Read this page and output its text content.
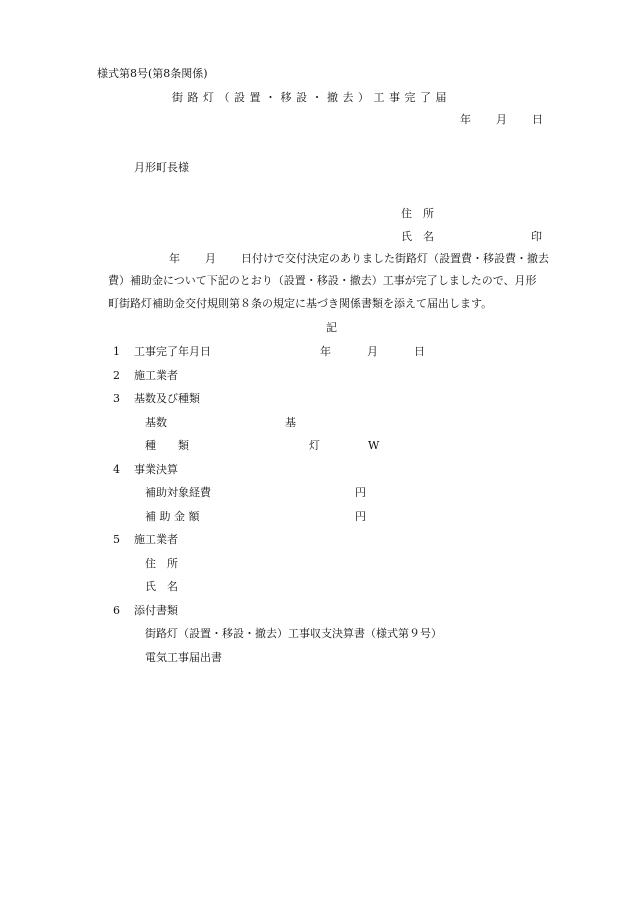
様式第8号(第8条関係)
街 路 灯 （ 設 置 ・ 移 設 ・ 撤 去 ） 工 事 完 了 届
年 月 日
月形町長様
住　所
氏　名	印
年 月 日付けで交付決定のありました街路灯（設置費・移設費・撤去
費）補助金について下記のとおり（設置・移設・撤去）工事が完了しましたので、月形
町街路灯補助金交付規則第８条の規定に基づき関係書類を添えて届出します。
記
1 工事完了年月日	年	月	日
2 施工業者
3 基数及び種類
基数	基
種　　類	灯	W
4 事業決算
補助対象経費	円
補 助 金 額	円
5 施工業者
住　所
氏　名
6 添付書類
街路灯（設置・移設・撤去）工事収支決算書（様式第９号）
電気工事届出書
